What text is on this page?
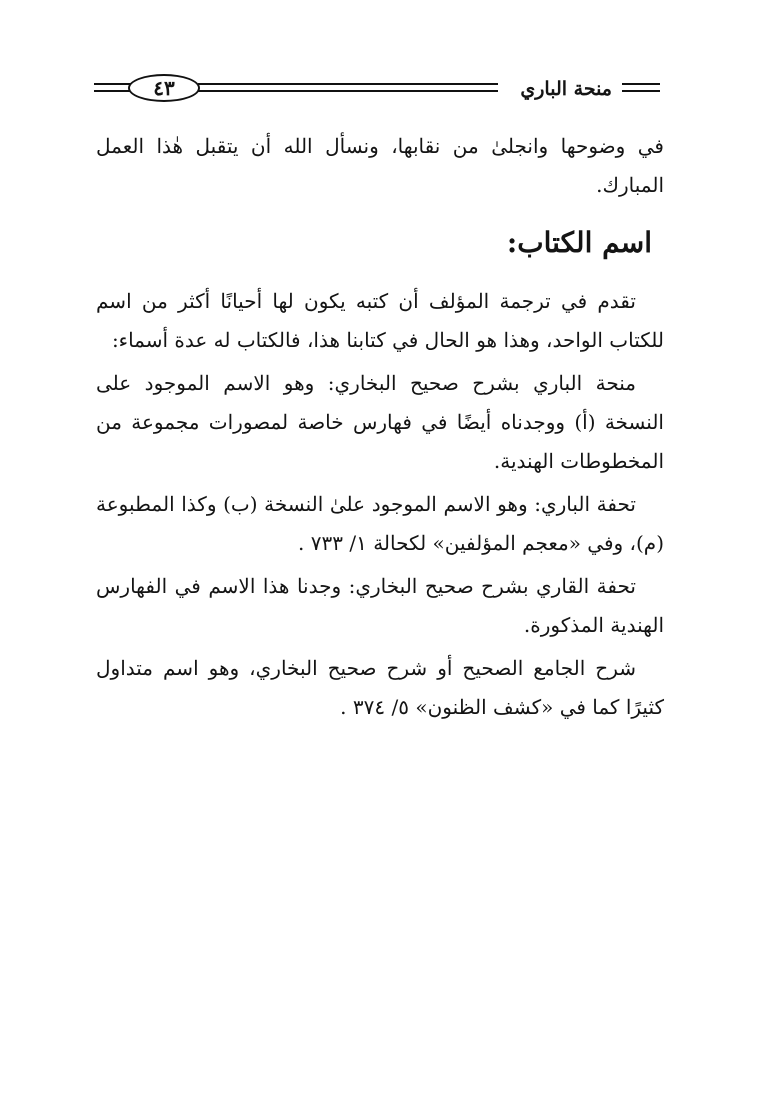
٤٣	منحة الباري

في وضوحها وانجلىٰ من نقابها، ونسأل الله أن يتقبل هٰذا العمل المبارك.

اسم الكتاب:

تقدم في ترجمة المؤلف أن كتبه يكون لها أحيانًا أكثر من اسم للكتاب الواحد، وهذا هو الحال في كتابنا هذا، فالكتاب له عدة أسماء:

منحة الباري بشرح صحيح البخاري: وهو الاسم الموجود على النسخة (أ) ووجدناه أيضًا في فهارس خاصة لمصورات مجموعة من المخطوطات الهندية.

تحفة الباري: وهو الاسم الموجود علىٰ النسخة (ب) وكذا المطبوعة (م)، وفي «معجم المؤلفين» لكحالة ١/ ٧٣٣ .

تحفة القاري بشرح صحيح البخاري: وجدنا هذا الاسم في الفهارس الهندية المذكورة.

شرح الجامع الصحيح أو شرح صحيح البخاري، وهو اسم متداول كثيرًا كما في «كشف الظنون» ٥/ ٣٧٤ .
